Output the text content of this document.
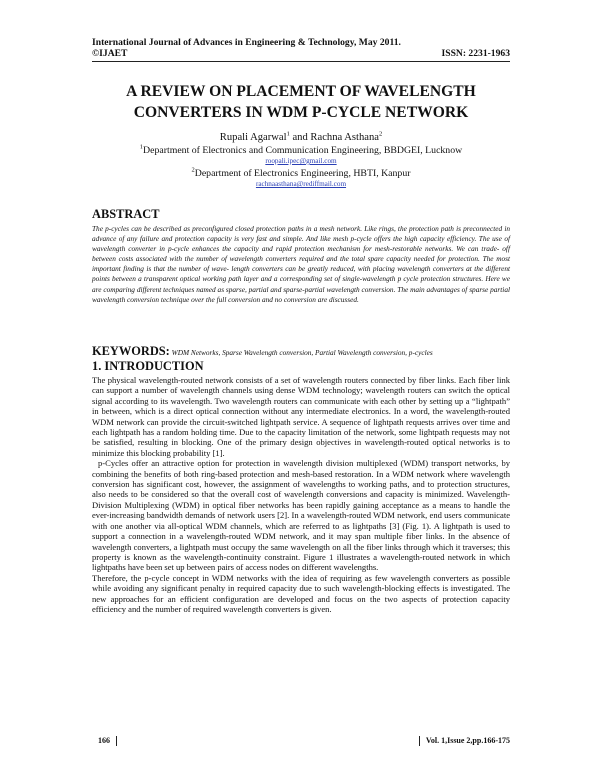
International Journal of Advances in Engineering & Technology, May 2011.
©IJAET	ISSN: 2231-1963
A REVIEW ON PLACEMENT OF WAVELENGTH CONVERTERS IN WDM P-CYCLE NETWORK
Rupali Agarwal$^1$ and Rachna Asthana$^2$
$^1$Department of Electronics and Communication Engineering, BBDGEI, Lucknow
roopali.ipec@gmail.com
$^2$Department of Electronics Engineering, HBTI, Kanpur
rachnaasthana@rediffmail.com
ABSTRACT
The p-cycles can be described as preconfigured closed protection paths in a mesh network. Like rings, the protection path is preconnected in advance of any failure and protection capacity is very fast and simple. And like mesh p-cycle offers the high capacity efficiency. The use of wavelength converter in p-cycle enhances the capacity and rapid protection mechanism for mesh-restorable networks. We can trade- off between costs associated with the number of wavelength converters required and the total spare capacity needed for protection. The most important finding is that the number of wave- length converters can be greatly reduced, with placing wavelength converters at the different points between a transparent optical working path layer and a corresponding set of single-wavelength p cycle protection structures. Here we are comparing different techniques named as sparse, partial and sparse-partial wavelength conversion. The main advantages of sparse partial wavelength conversion technique over the full conversion and no conversion are discussed.
KEYWORDS: WDM Networks, Sparse Wavelength conversion, Partial Wavelength conversion, p-cycles
1. INTRODUCTION

The physical wavelength-routed network consists of a set of wavelength routers connected by fiber links. Each fiber link can support a number of wavelength channels using dense WDM technology; wavelength routers can switch the optical signal according to its wavelength. Two wavelength routers can communicate with each other by setting up a “lightpath” in between, which is a direct optical connection without any intermediate electronics. In a word, the wavelength-routed WDM network can provide the circuit-switched lightpath service. A sequence of lightpath requests arrives over time and each lightpath has a random holding time. Due to the capacity limitation of the network, some lightpath requests may not be satisfied, resulting in blocking. One of the primary design objectives in wavelength-routed optical networks is to minimize this blocking probability [1].

p-Cycles offer an attractive option for protection in wavelength division multiplexed (WDM) transport networks, by combining the benefits of both ring-based protection and mesh-based restoration. In a WDM network where wavelength conversion has significant cost, however, the assignment of wavelengths to working paths, and to protection structures, also needs to be considered so that the overall cost of wavelength conversions and capacity is minimized. Wavelength-Division Multiplexing (WDM) in optical fiber networks has been rapidly gaining acceptance as a means to handle the ever-increasing bandwidth demands of network users [2]. In a wavelength-routed WDM network, end users communicate with one another via all-optical WDM channels, which are referred to as lightpaths [3] (Fig. 1). A lightpath is used to support a connection in a wavelength-routed WDM network, and it may span multiple fiber links. In the absence of wavelength converters, a lightpath must occupy the same wavelength on all the fiber links through which it traverses; this property is known as the wavelength-continuity constraint. Figure 1 illustrates a wavelength-routed network in which lightpaths have been set up between pairs of access nodes on different wavelengths.

Therefore, the p-cycle concept in WDM networks with the idea of requiring as few wavelength converters as possible while avoiding any significant penalty in required capacity due to such wavelength-blocking effects is investigated. The new approaches for an efficient configuration are developed and focus on the two aspects of protection capacity efficiency and the number of required wavelength converters is given.

166	Vol. 1,Issue 2,pp.166-175
